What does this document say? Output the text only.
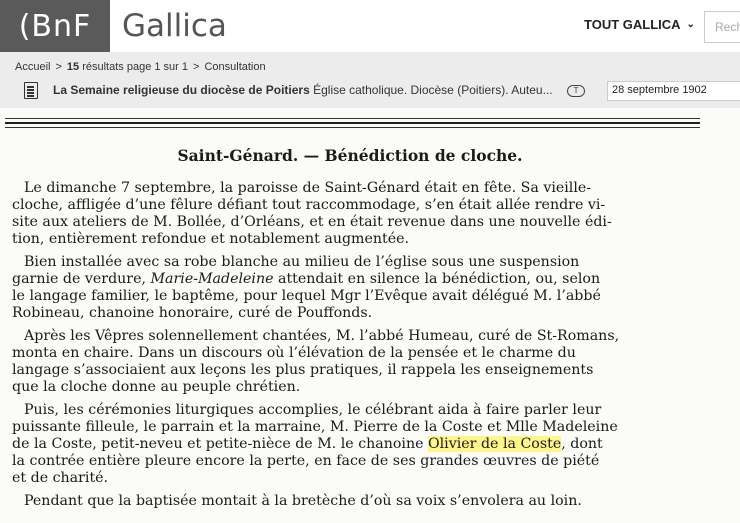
(BnF Gallica	TOUT GALLICA ⌄
Rech
Accueil > 15 résultats page 1 sur 1 > Consultation
La Semaine religieuse du diocèse de Poitiers Église catholique. Diocèse (Poitiers). Auteu...	T	28 septembre 1902
Saint-Génard. — Bénédiction de cloche.
Le dimanche 7 septembre, la paroisse de Saint-Génard était en fête. Sa vieille-
cloche, affligée d’une fêlure défiant tout raccommodage, s’en était allée rendre vi-
site aux ateliers de M. Bollée, d’Orléans, et en était revenue dans une nouvelle édi-
tion, entièrement refondue et notablement augmentée.
Bien installée avec sa robe blanche au milieu de l’église sous une suspension
garnie de verdure, Marie-Madeleine attendait en silence la bénédiction, ou, selon
le langage familier, le baptême, pour lequel Mgr l’Evêque avait délégué M. l’abbé
Robineau, chanoine honoraire, curé de Pouffonds.
Après les Vêpres solennellement chantées, M. l’abbé Humeau, curé de St-Romans,
monta en chaire. Dans un discours où l’élévation de la pensée et le charme du
langage s’associaient aux leçons les plus pratiques, il rappela les enseignements
que la cloche donne au peuple chrétien.
Puis, les cérémonies liturgiques accomplies, le célébrant aida à faire parler leur
puissante filleule, le parrain et la marraine, M. Pierre de la Coste et Mlle Madeleine
de la Coste, petit-neveu et petite-nièce de M. le chanoine Olivier de la Coste, dont
la contrée entière pleure encore la perte, en face de ses grandes œuvres de piété
et de charité.
Pendant que la baptisée montait à la bretèche d’où sa voix s’envolera au loin.
